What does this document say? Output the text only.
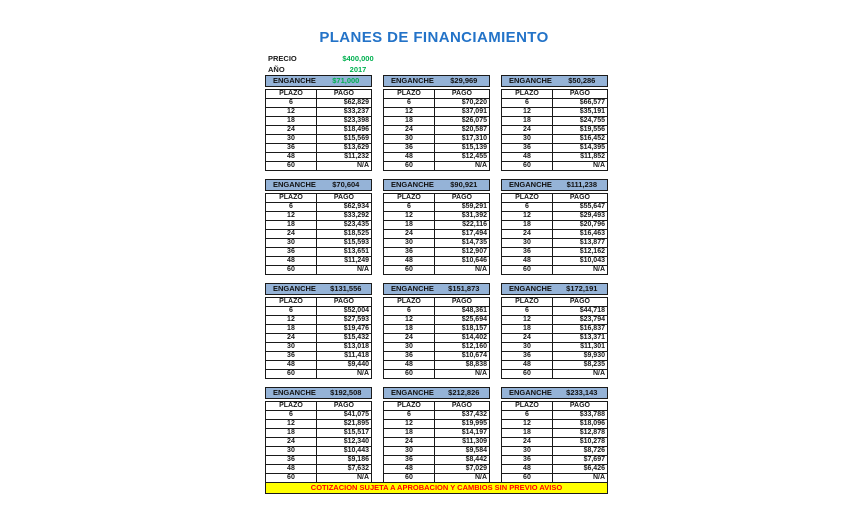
PLANES DE FINANCIAMIENTO
PRECIO	$400,000
AÑO	2017
ENGANCHE	$71,000
PLAZO	PAGO
6	$62,829
12	$33,237
18	$23,398
24	$18,496
30	$15,569
36	$13,629
48	$11,232
60	N/A
ENGANCHE	$29,969
PLAZO	PAGO
6	$70,220
12	$37,091
18	$26,075
24	$20,587
30	$17,310
36	$15,139
48	$12,455
60	N/A
ENGANCHE	$50,286
PLAZO	PAGO
6	$66,577
12	$35,191
18	$24,755
24	$19,556
30	$16,452
36	$14,395
48	$11,852
60	N/A
ENGANCHE	$70,604
PLAZO	PAGO
6	$62,934
12	$33,292
18	$23,435
24	$18,525
30	$15,593
36	$13,651
48	$11,249
60	N/A
ENGANCHE	$90,921
PLAZO	PAGO
6	$59,291
12	$31,392
18	$22,116
24	$17,494
30	$14,735
36	$12,907
48	$10,646
60	N/A
ENGANCHE	$111,238
PLAZO	PAGO
6	$55,647
12	$29,493
18	$20,796
24	$16,463
30	$13,877
36	$12,162
48	$10,043
60	N/A
ENGANCHE	$131,556
PLAZO	PAGO
6	$52,004
12	$27,593
18	$19,476
24	$15,432
30	$13,018
36	$11,418
48	$9,440
60	N/A
ENGANCHE	$151,873
PLAZO	PAGO
6	$48,361
12	$25,694
18	$18,157
24	$14,402
30	$12,160
36	$10,674
48	$8,838
60	N/A
ENGANCHE	$172,191
PLAZO	PAGO
6	$44,718
12	$23,794
18	$16,837
24	$13,371
30	$11,301
36	$9,930
48	$8,235
60	N/A
ENGANCHE	$192,508
PLAZO	PAGO
6	$41,075
12	$21,895
18	$15,517
24	$12,340
30	$10,443
36	$9,186
48	$7,632
60	N/A
ENGANCHE	$212,826
PLAZO	PAGO
6	$37,432
12	$19,995
18	$14,197
24	$11,309
30	$9,584
36	$8,442
48	$7,029
60	N/A
ENGANCHE	$233,143
PLAZO	PAGO
6	$33,788
12	$18,096
18	$12,878
24	$10,278
30	$8,726
36	$7,697
48	$6,426
60	N/A
COTIZACION SUJETA A APROBACION Y CAMBIOS SIN PREVIO AVISO
